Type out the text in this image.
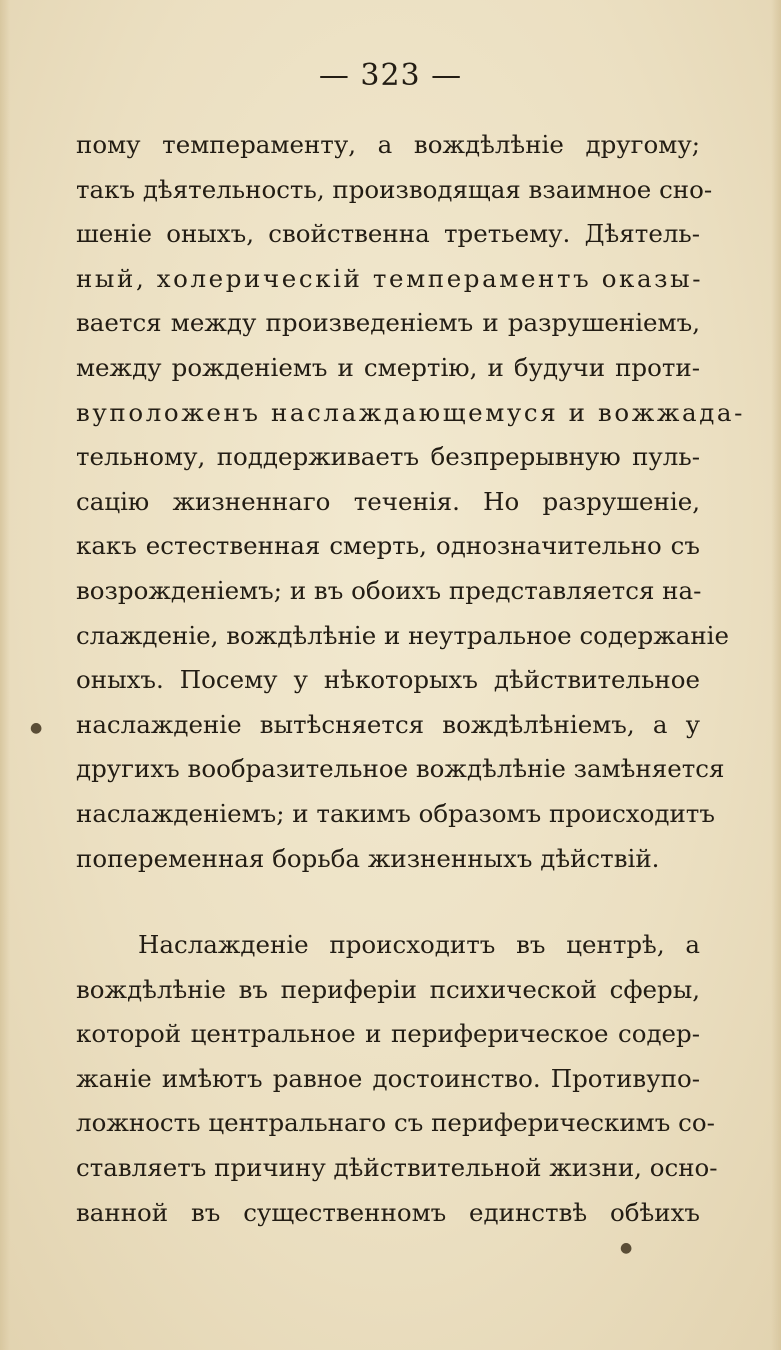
— 323 —
пому темпераменту, а вождѣлѣніе другому;
такъ дѣятельность, производящая взаимное сно-
шеніе оныхъ, свойственна третьему. Дѣятель-
ный, холерическій темпераментъ оказы-
вается между произведеніемъ и разрушеніемъ,
между рожденіемъ и смертію, и будучи проти-
вуположенъ наслаждающемуся и вожжада-
тельному, поддерживаетъ безпрерывную пуль-
сацію жизненнаго теченія. Но разрушеніе,
какъ естественная смерть, однозначительно съ
возрожденіемъ; и въ обоихъ представляется на-
слажденіе, вождѣлѣніе и неутральное содержаніе
оныхъ. Посему у нѣкоторыхъ дѣйствительное
наслажденіе вытѣсняется вождѣлѣніемъ, а у
другихъ вообразительное вождѣлѣніе замѣняется
наслажденіемъ; и такимъ образомъ происходитъ
попеременная борьба жизненныхъ дѣйствій.
Наслажденіе происходитъ въ центрѣ, а
вождѣлѣніе въ периферіи психической сферы,
которой центральное и периферическое содер-
жаніе имѣютъ равное достоинство. Противупо-
ложность центральнаго съ периферическимъ со-
ставляетъ причину дѣйствительной жизни, осно-
ванной въ существенномъ единствѣ обѣихъ
●
●
